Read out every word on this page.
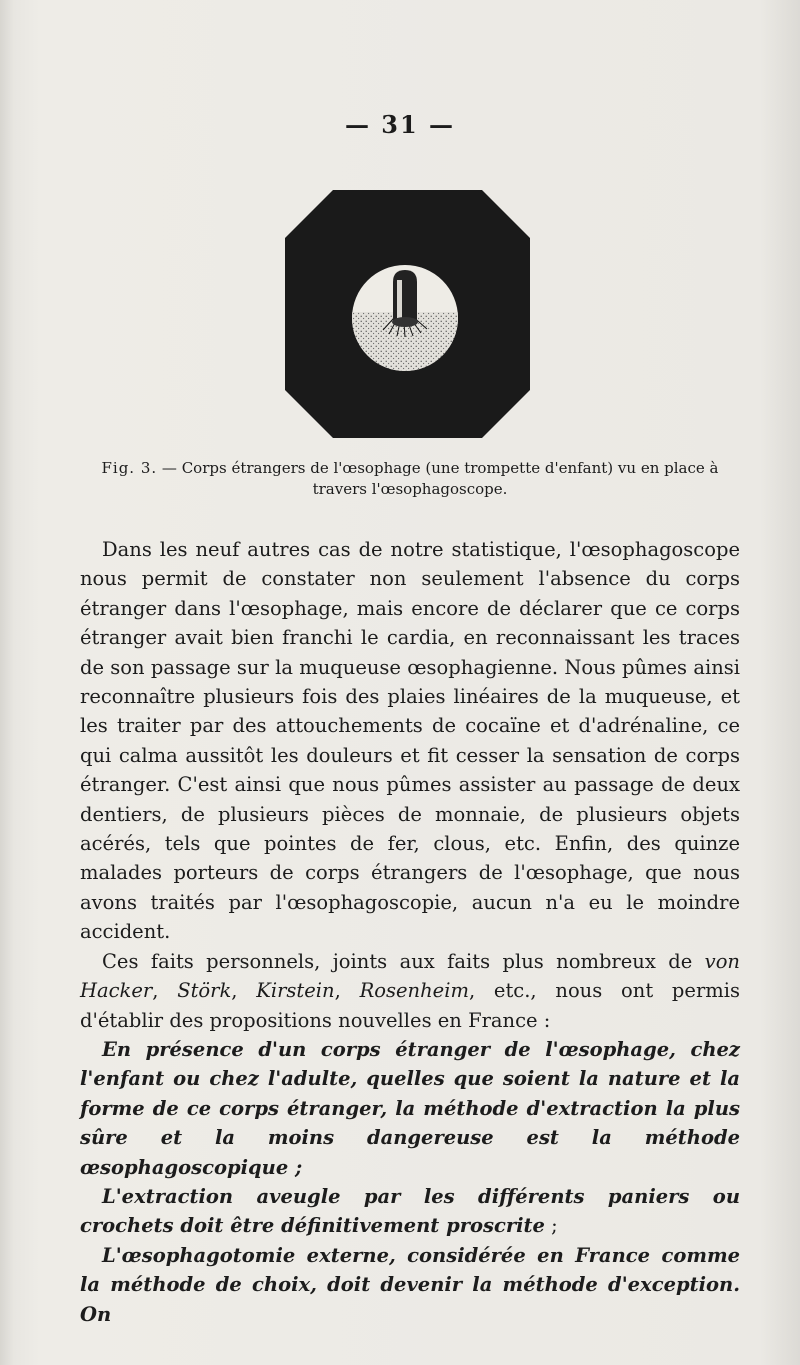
— 31 —
Fig. 3. — Corps étrangers de l'œsophage (une trompette d'enfant) vu en place à travers l'œsophagoscope.

Dans les neuf autres cas de notre statistique, l'œsophagoscope nous permit de constater non seulement l'absence du corps étranger dans l'œsophage, mais encore de déclarer que ce corps étranger avait bien franchi le cardia, en reconnaissant les traces de son passage sur la muqueuse œsophagienne. Nous pûmes ainsi reconnaître plusieurs fois des plaies linéaires de la muqueuse, et les traiter par des attouchements de cocaïne et d'adrénaline, ce qui calma aussitôt les douleurs et fit cesser la sensation de corps étranger. C'est ainsi que nous pûmes assister au passage de deux dentiers, de plusieurs pièces de monnaie, de plusieurs objets acérés, tels que pointes de fer, clous, etc. Enfin, des quinze malades porteurs de corps étrangers de l'œsophage, que nous avons traités par l'œsophagoscopie, aucun n'a eu le moindre accident.

Ces faits personnels, joints aux faits plus nombreux de von Hacker, Störk, Kirstein, Rosenheim, etc., nous ont permis d'établir des propositions nouvelles en France :

En présence d'un corps étranger de l'œsophage, chez l'enfant ou chez l'adulte, quelles que soient la nature et la forme de ce corps étranger, la méthode d'extraction la plus sûre et la moins dangereuse est la méthode œsophagoscopique ;

L'extraction aveugle par les différents paniers ou crochets doit être définitivement proscrite ;

L'œsophagotomie externe, considérée en France comme la méthode de choix, doit devenir la méthode d'exception. On
